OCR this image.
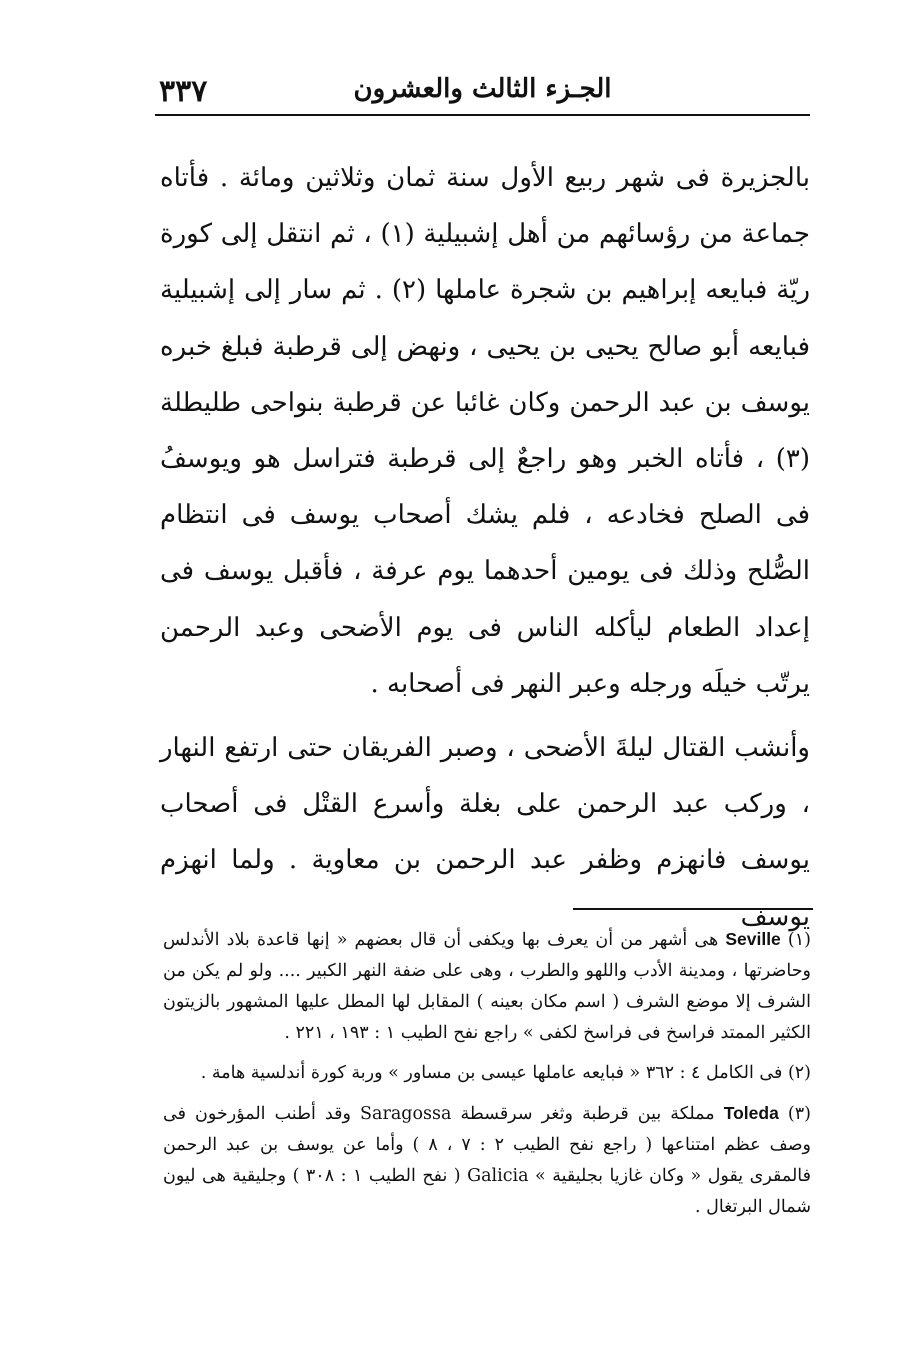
٣٣٧	الجـزء الثالث والعشرون

بالجزيرة فى شهر ربيع الأول سنة ثمان وثلاثين ومائة . فأتاه جماعة من رؤسائهم من أهل إشبيلية (١) ، ثم انتقل إلى كورة ريّة فبايعه إبراهيم بن شجرة عاملها (٢) . ثم سار إلى إشبيلية فبايعه أبو صالح يحيى بن يحيى ، ونهض إلى قرطبة فبلغ خبره يوسف بن عبد الرحمن وكان غائبا عن قرطبة بنواحى طليطلة (٣) ، فأتاه الخبر وهو راجعٌ إلى قرطبة فتراسل هو ويوسفُ فى الصلح فخادعه ، فلم يشك أصحاب يوسف فى انتظام الصُّلح وذلك فى يومين أحدهما يوم عرفة ، فأقبل يوسف فى إعداد الطعام ليأكله الناس فى يوم الأضحى وعبد الرحمن يرتّب خيلَه ورجله وعبر النهر فى أصحابه .

وأنشب القتال ليلةَ الأضحى ، وصبر الفريقان حتى ارتفع النهار ، وركب عبد الرحمن على بغلة وأسرع القتْل فى أصحاب يوسف فانهزم وظفر عبد الرحمن بن معاوية . ولما انهزم يوسف

(١) Seville هى أشهر من أن يعرف بها ويكفى أن قال بعضهم « إنها قاعدة بلاد الأندلس وحاضرتها ، ومدينة الأدب واللهو والطرب ، وهى على ضفة النهر الكبير .... ولو لم يكن من الشرف إلا موضع الشرف ( اسم مكان بعينه ) المقابل لها المطل عليها المشهور بالزيتون الكثير الممتد فراسخ فى فراسخ لكفى » راجع نفح الطيب ١ : ١٩٣ ، ٢٢١ .

(٢) فى الكامل ٤ : ٣٦٢ « فبايعه عاملها عيسى بن مساور » وربة كورة أندلسية هامة .

(٣) Toleda مملكة بين قرطبة وثغر سرقسطة Saragossa وقد أطنب المؤرخون فى وصف عظم امتناعها ( راجع نفح الطيب ٢ : ٧ ، ٨ ) وأما عن يوسف بن عبد الرحمن فالمقرى يقول « وكان غازيا بجليقية » Galicia ( نفح الطيب ١ : ٣٠٨ ) وجليقية هى ليون شمال البرتغال .
